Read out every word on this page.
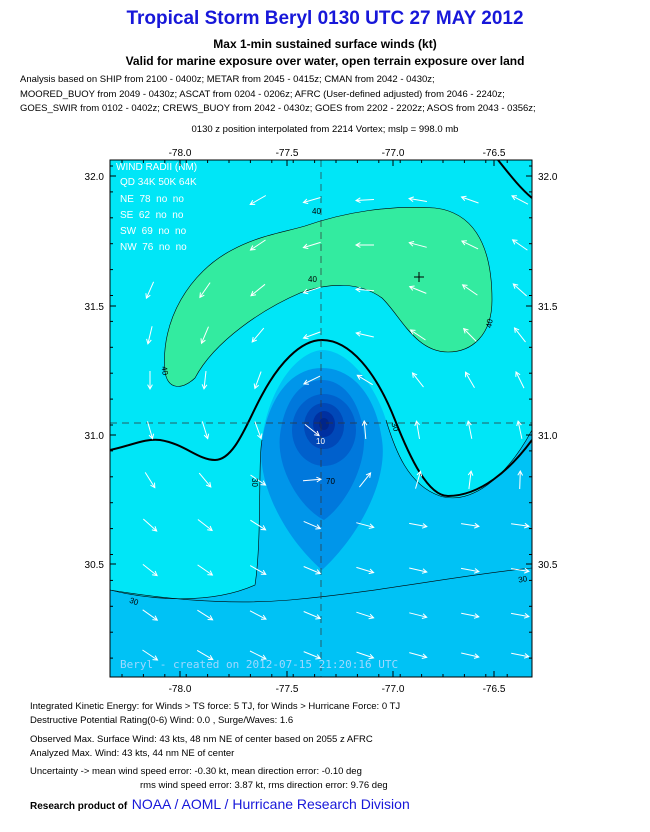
Tropical Storm Beryl 0130 UTC 27 MAY 2012
Max 1-min sustained surface winds (kt)
Valid for marine exposure over water, open terrain exposure over land
Analysis based on SHIP from 2100 - 0400z; METAR from 2045 - 0415z; CMAN from 2042 - 0430z;
MOORED_BUOY from 2049 - 0430z; ASCAT from 0204 - 0206z; AFRC (User-defined adjusted) from 2046 - 2240z;
GOES_SWIR from 0102 - 0402z; CREWS_BUOY from 2042 - 0430z; GOES from 2202 - 2202z; ASOS from 2043 - 0356z;
0130 z position interpolated from 2214 Vortex; mslp = 998.0 mb
40
40
40
40
30
30
30
30
70
10
WIND RADII (NM)
QD 34K 50K 64K
NE  78  no  no
SE  62  no  no
SW  69  no  no
NW  76  no  no
Beryl - created on 2012-07-15 21:20:16 UTC
-78.0	-77.5	-77.0	-76.5
-78.0	-77.5	-77.0	-76.5
32.0
31.5
31.0
30.5
32.0
31.5
31.0
30.5
Integrated Kinetic Energy: for Winds > TS force: 5 TJ, for Winds > Hurricane Force: 0 TJ
Destructive Potential Rating(0-6) Wind: 0.0 , Surge/Waves: 1.6
Observed Max. Surface Wind: 43 kts, 48 nm NE of center based on 2055 z AFRC
Analyzed Max. Wind: 43 kts, 44 nm NE of center
Uncertainty -> mean wind speed error: -0.30 kt, mean direction error: -0.10 deg
rms wind speed error: 3.87 kt, rms direction error: 9.76 deg
Research product of NOAA / AOML / Hurricane Research Division
